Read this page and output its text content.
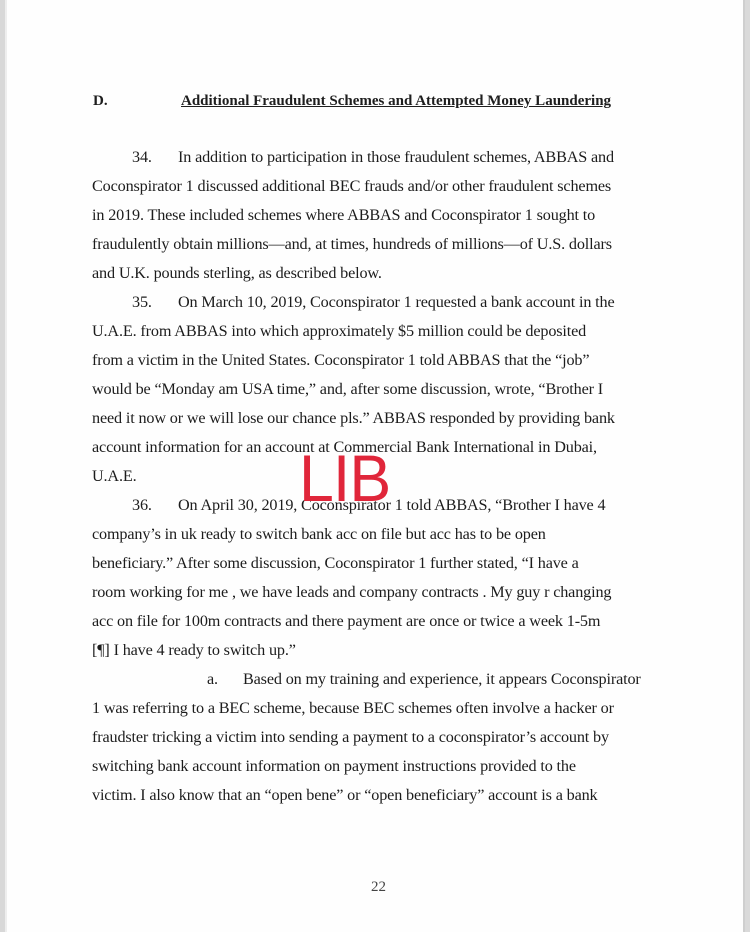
D.	Additional Fraudulent Schemes and Attempted Money Laundering
34. In addition to participation in those fraudulent schemes, ABBAS and
Coconspirator 1 discussed additional BEC frauds and/or other fraudulent schemes
in 2019. These included schemes where ABBAS and Coconspirator 1 sought to
fraudulently obtain millions—and, at times, hundreds of millions—of U.S. dollars
and U.K. pounds sterling, as described below.
35. On March 10, 2019, Coconspirator 1 requested a bank account in the
U.A.E. from ABBAS into which approximately $5 million could be deposited
from a victim in the United States. Coconspirator 1 told ABBAS that the “job”
would be “Monday am USA time,” and, after some discussion, wrote, “Brother I
need it now or we will lose our chance pls.” ABBAS responded by providing bank
account information for an account at Commercial Bank International in Dubai,
U.A.E.
36. On April 30, 2019, Coconspirator 1 told ABBAS, “Brother I have 4
company’s in uk ready to switch bank acc on file but acc has to be open
beneficiary.” After some discussion, Coconspirator 1 further stated, “I have a
room working for me , we have leads and company contracts . My guy r changing
acc on file for 100m contracts and there payment are once or twice a week 1-5m
[¶] I have 4 ready to switch up.”
a. Based on my training and experience, it appears Coconspirator
1 was referring to a BEC scheme, because BEC schemes often involve a hacker or
fraudster tricking a victim into sending a payment to a coconspirator’s account by
switching bank account information on payment instructions provided to the
victim. I also know that an “open bene” or “open beneficiary” account is a bank
LIB
22
